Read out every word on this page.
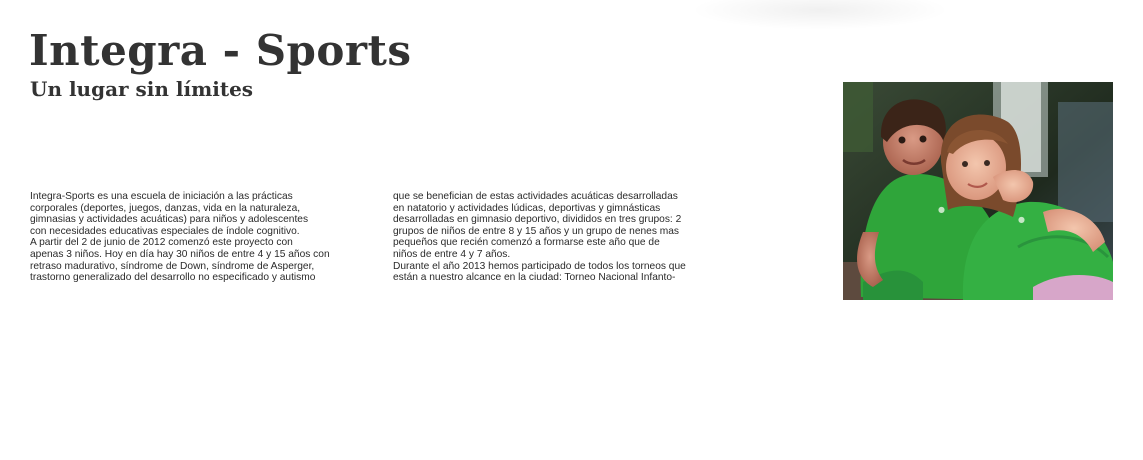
Integra - Sports
Un lugar sin límites
Integra-Sports es una escuela de iniciación a las prácticas
corporales (deportes, juegos, danzas, vida en la naturaleza,
gimnasias y actividades acuáticas) para niños y adolescentes
con necesidades educativas especiales de índole cognitivo.
A partir del 2 de junio de 2012 comenzó este proyecto con
apenas 3 niños. Hoy en día hay 30 niños de entre 4 y 15 años con
retraso madurativo, síndrome de Down, síndrome de Asperger,
trastorno generalizado del desarrollo no especificado y autismo
que se benefician de estas actividades acuáticas desarrolladas
en natatorio y actividades lúdicas, deportivas y gimnásticas
desarrolladas en gimnasio deportivo, divididos en tres grupos: 2
grupos de niños de entre 8 y 15 años y un grupo de nenes mas
pequeños que recién comenzó a formarse este año que de
niños de entre 4 y 7 años.
Durante el año 2013 hemos participado de todos los torneos que
están a nuestro alcance en la ciudad: Torneo Nacional Infanto-
●
●
